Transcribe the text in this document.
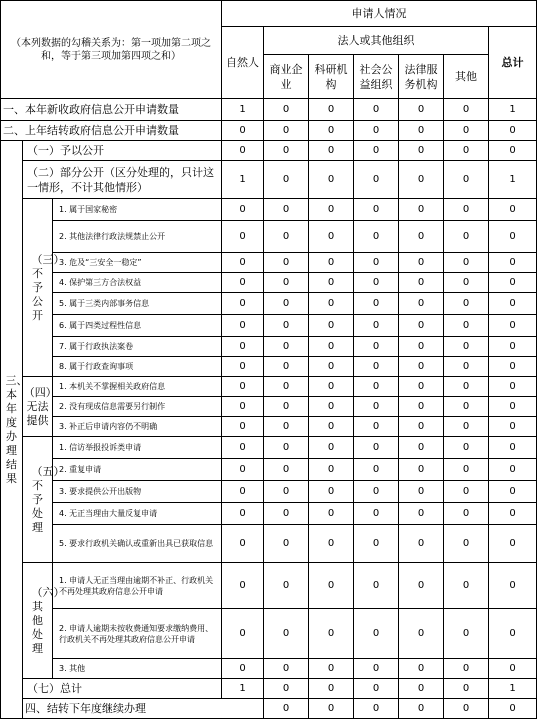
（本列数据的勾稽关系为：第一项加第二项之和，等于第三项加第四项之和）			申请人情况							
			自然人	法人或其他组织					总计	
				商业企业	科研机构	社会公益组织	法律服务机构	其他		
一、本年新收政府信息公开申请数量			1	0	0	0	0	0	1	
二、上年结转政府信息公开申请数量			0	0	0	0	0	0	0	

三、本年度办理结果	（一）予以公开		0	0	0	0	0	0	0	
	（二）部分公开（区分处理的，只计这一情形，不计其他情形）		1	0	0	0	0	0	1	

	（三）不予公开	1. 属于国家秘密	0	0	0	0	0	0	0	
		2. 其他法律行政法规禁止公开	0	0	0	0	0	0	0	
		3. 危及“三安全一稳定”	0	0	0	0	0	0	0	
		4. 保护第三方合法权益	0	0	0	0	0	0	0	
		5. 属于三类内部事务信息	0	0	0	0	0	0	0	
		6. 属于四类过程性信息	0	0	0	0	0	0	0	
		7. 属于行政执法案卷	0	0	0	0	0	0	0	
		8. 属于行政查询事项	0	0	0	0	0	0	0	
	（四）无法提供	1. 本机关不掌握相关政府信息	0	0	0	0	0	0	0	
		2. 没有现成信息需要另行制作	0	0	0	0	0	0	0	
		3. 补正后申请内容仍不明确	0	0	0	0	0	0	0	

	（五）不予处理	1. 信访举报投诉类申请	0	0	0	0	0	0	0	
		2. 重复申请	0	0	0	0	0	0	0	
		3. 要求提供公开出版物	0	0	0	0	0	0	0	
		4. 无正当理由大量反复申请	0	0	0	0	0	0	0	
		5. 要求行政机关确认或重新出具已获取信息	0	0	0	0	0	0	0	

	（六）其他处理	1. 申请人无正当理由逾期不补正、行政机关不再处理其政府信息公开申请	0	0	0	0	0	0	0	
		2. 申请人逾期未按收费通知要求缴纳费用、行政机关不再处理其政府信息公开申请	0	0	0	0	0	0	0	
		3. 其他	0	0	0	0	0	0	0	
	（七）总计		1	0	0	0	0	0	1	
	四、结转下年度继续办理			0	0	0	0	0	0	
